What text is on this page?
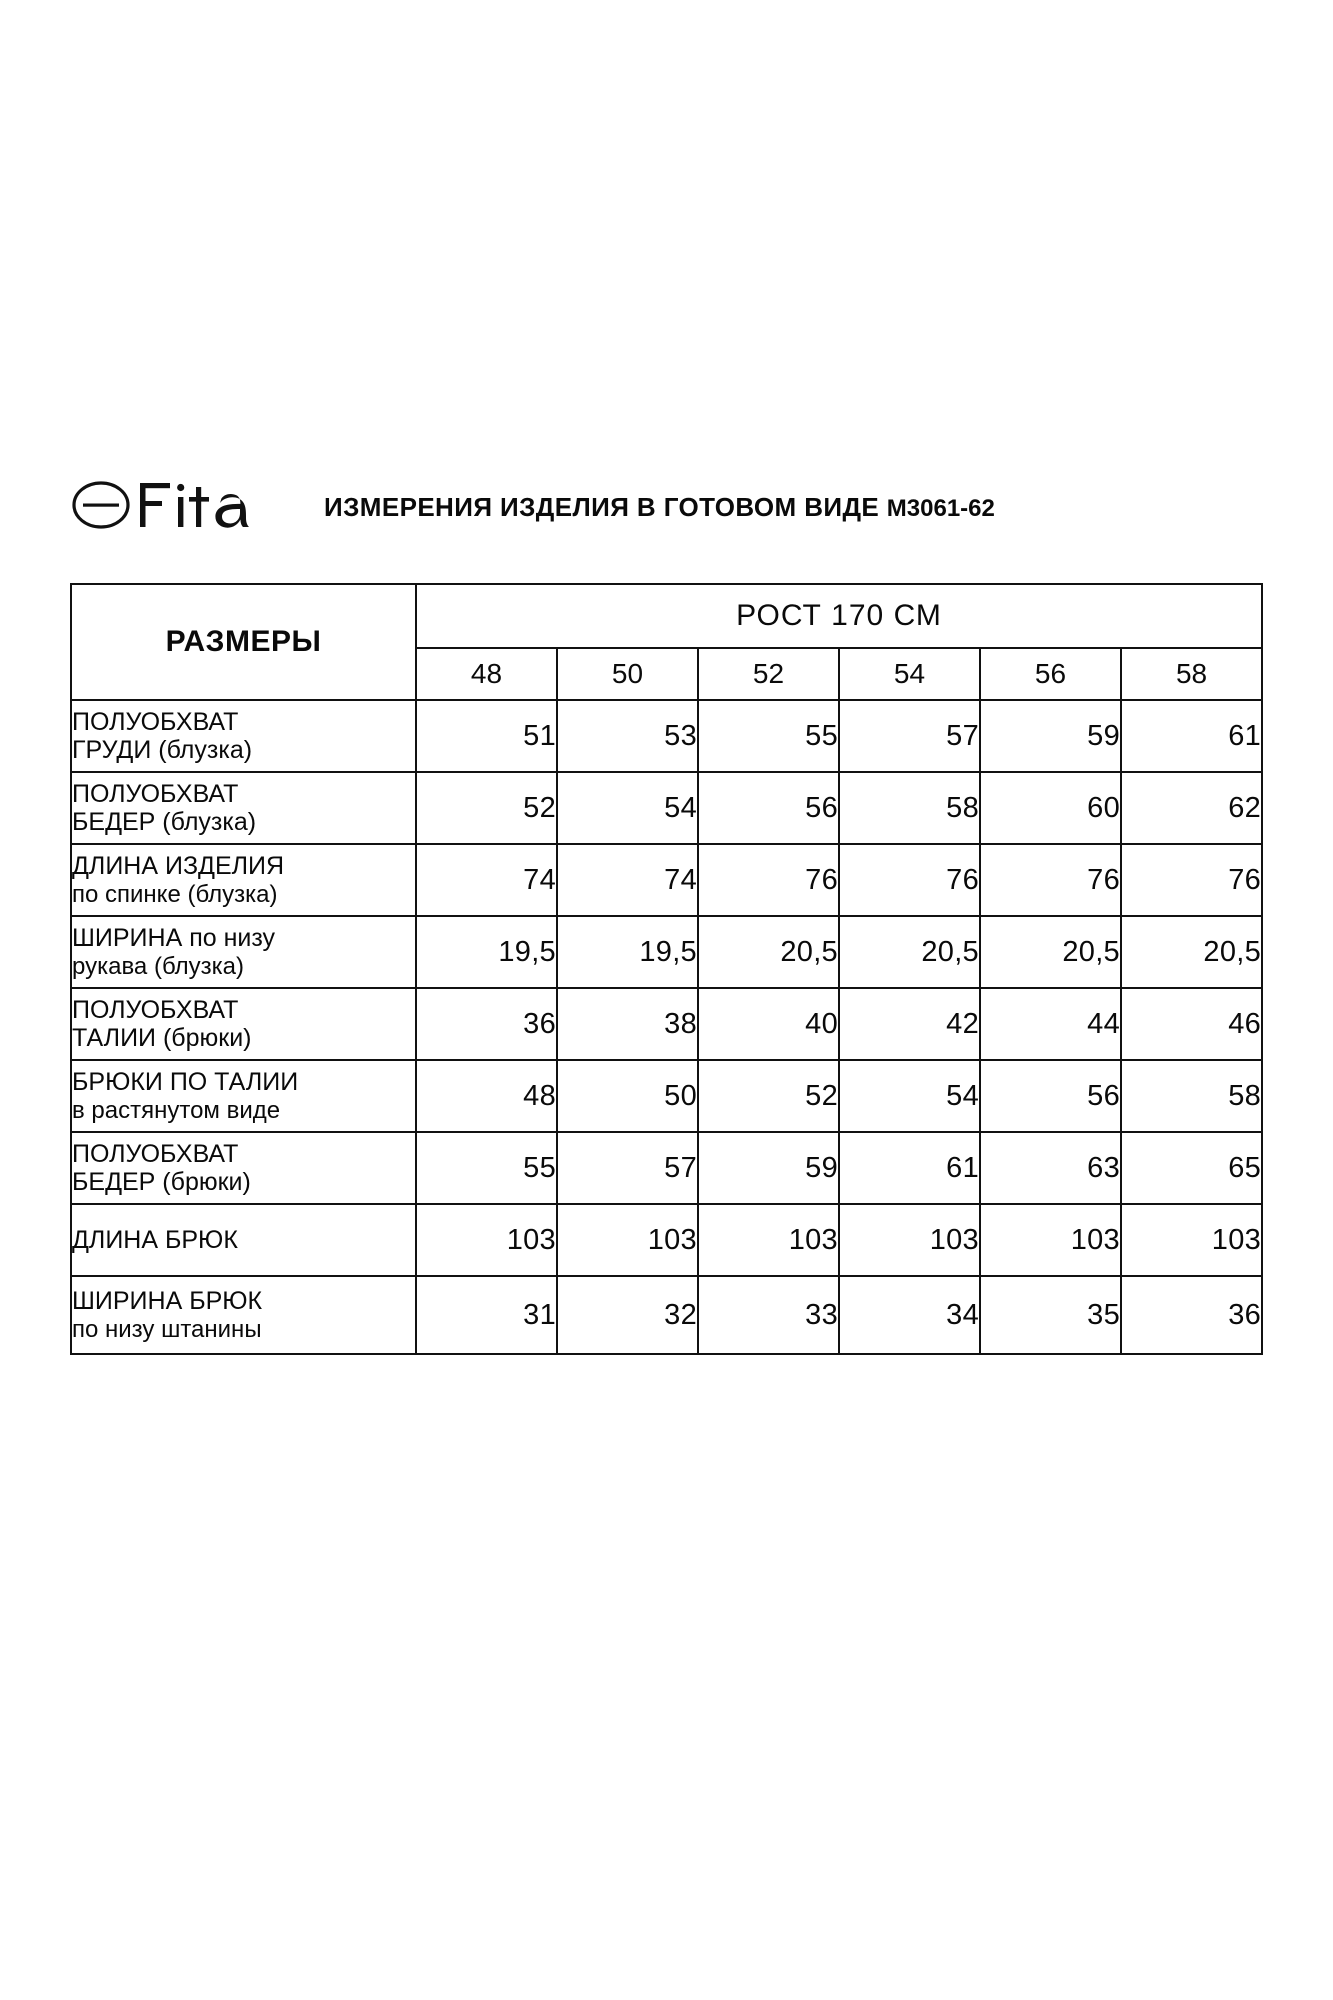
ИЗМЕРЕНИЯ ИЗДЕЛИЯ В ГОТОВОМ ВИДЕ М3061-62
РАЗМЕРЫ	РОСТ 170 СМ					
	48	50	52	54	56	58

ПОЛУОБХВАТ
ГРУДИ (блузка)	51	53	55	57	59	61

ПОЛУОБХВАТ
БЕДЕР (блузка)	52	54	56	58	60	62

ДЛИНА ИЗДЕЛИЯ
по спинке (блузка)	74	74	76	76	76	76

ШИРИНА по низу
рукава (блузка)	19,5	19,5	20,5	20,5	20,5	20,5

ПОЛУОБХВАТ
ТАЛИИ (брюки)	36	38	40	42	44	46

БРЮКИ ПО ТАЛИИ
в растянутом виде	48	50	52	54	56	58

ПОЛУОБХВАТ
БЕДЕР (брюки)	55	57	59	61	63	65

ДЛИНА БРЮК	103	103	103	103	103	103

ШИРИНА БРЮК
по низу штанины	31	32	33	34	35	36
